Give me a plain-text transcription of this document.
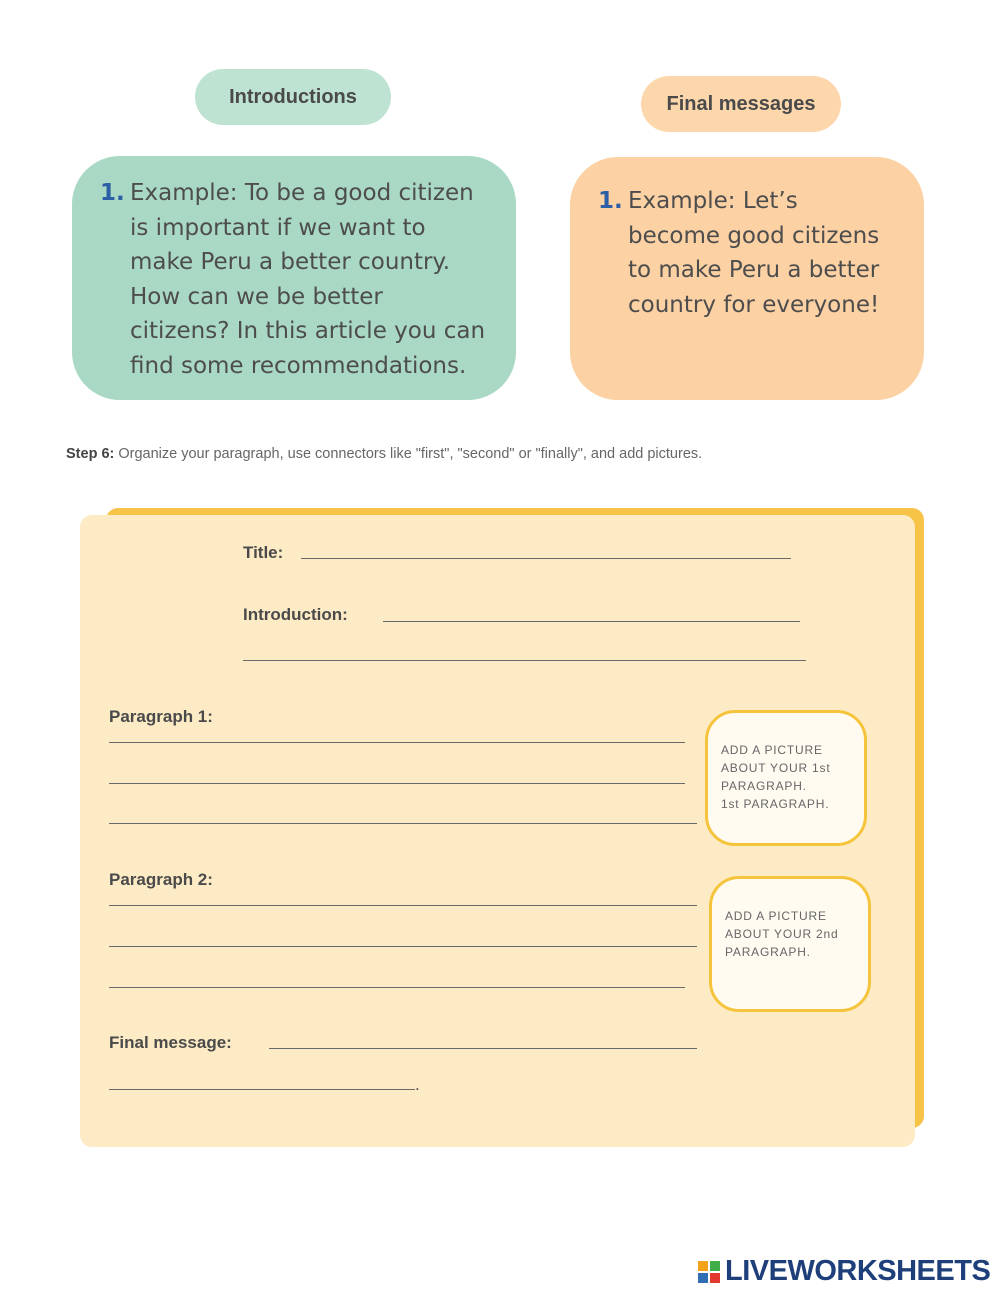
Introductions	Final messages
1. Example: To be a good citizen
is important if we want to
make Peru a better country.
How can we be better
citizens? In this article you can
find some recommendations.
1. Example: Let’s
become good citizens
to make Peru a better
country for everyone!
Step 6: Organize your paragraph, use connectors like "first", "second" or "finally", and add pictures.
Title:
Introduction:
Paragraph 1:
ADD A PICTURE
ABOUT YOUR 1st
PARAGRAPH.
1st PARAGRAPH.
Paragraph 2:
ADD A PICTURE
ABOUT YOUR 2nd
PARAGRAPH.
Final message:
.
LIVEWORKSHEETS
